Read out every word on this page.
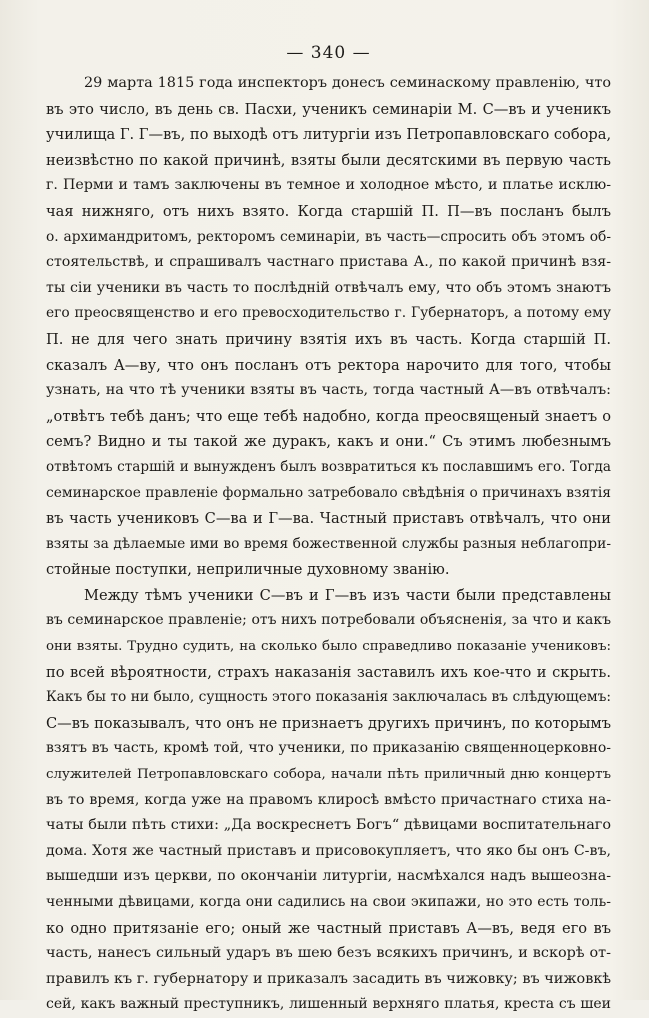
— 340 —
29 марта 1815 года инспекторъ донесъ семинаскому правленію, что
въ это число, въ день св. Пасхи, ученикъ семинаріи М. С—въ и ученикъ
училища Г. Г—въ, по выходѣ отъ литургіи изъ Петропавловскаго собора,
неизвѣстно по какой причинѣ, взяты были десятскими въ первую часть
г. Перми и тамъ заключены въ темное и холодное мѣсто, и платье исклю-
чая нижняго, отъ нихъ взято. Когда старшій П. П—въ посланъ былъ
о. архимандритомъ, ректоромъ семинаріи, въ часть—спросить объ этомъ об-
стоятельствѣ, и спрашивалъ частнаго пристава А., по какой причинѣ взя-
ты сіи ученики въ часть то послѣдній отвѣчалъ ему, что объ этомъ знаютъ
его преосвященство и его превосходительство г. Губернаторъ, а потому ему
П. не для чего знать причину взятія ихъ въ часть. Когда старшій П.
сказалъ А—ву, что онъ посланъ отъ ректора нарочито для того, чтобы
узнать, на что тѣ ученики взяты въ часть, тогда частный А—въ отвѣчалъ:
„отвѣтъ тебѣ данъ; что еще тебѣ надобно, когда преосвященый знаетъ о
семъ? Видно и ты такой же дуракъ, какъ и они.“ Съ этимъ любезнымъ
отвѣтомъ старшій и вынужденъ былъ возвратиться къ пославшимъ его. Тогда
семинарское правленіе формально затребовало свѣдѣнія о причинахъ взятія
въ часть учениковъ С—ва и Г—ва. Частный приставъ отвѣчалъ, что они
взяты за дѣлаемые ими во время божественной службы разныя неблагопри-
стойные поступки, неприличные духовному званію.
Между тѣмъ ученики С—въ и Г—въ изъ части были представлены
въ семинарское правленіе; отъ нихъ потребовали объясненія, за что и какъ
они взяты. Трудно судить, на сколько было справедливо показаніе учениковъ:
по всей вѣроятности, страхъ наказанія заставилъ ихъ кое-что и скрыть.
Какъ бы то ни было, сущность этого показанія заключалась въ слѣдующемъ:
С—въ показывалъ, что онъ не признаетъ другихъ причинъ, по которымъ
взятъ въ часть, кромѣ той, что ученики, по приказанію священноцерковно-
служителей Петропавловскаго собора, начали пѣть приличный дню концертъ
въ то время, когда уже на правомъ клиросѣ вмѣсто причастнаго стиха на-
чаты были пѣть стихи: „Да воскреснетъ Богъ“ дѣвицами воспитательнаго
дома. Хотя же частный приставъ и присовокупляетъ, что яко бы онъ С-въ,
вышедши изъ церкви, по окончаніи литургіи, насмѣхался надъ вышеозна-
ченными дѣвицами, когда они садились на свои экипажи, но это есть толь-
ко одно притязаніе его; оный же частный приставъ А—въ, ведя его въ
часть, нанесъ сильный ударъ въ шею безъ всякихъ причинъ, и вскорѣ от-
правилъ къ г. губернатору и приказалъ засадить въ чижовку; въ чижовкѣ
сей, какъ важный преступникъ, лишенный верхняго платья, креста съ шеи
